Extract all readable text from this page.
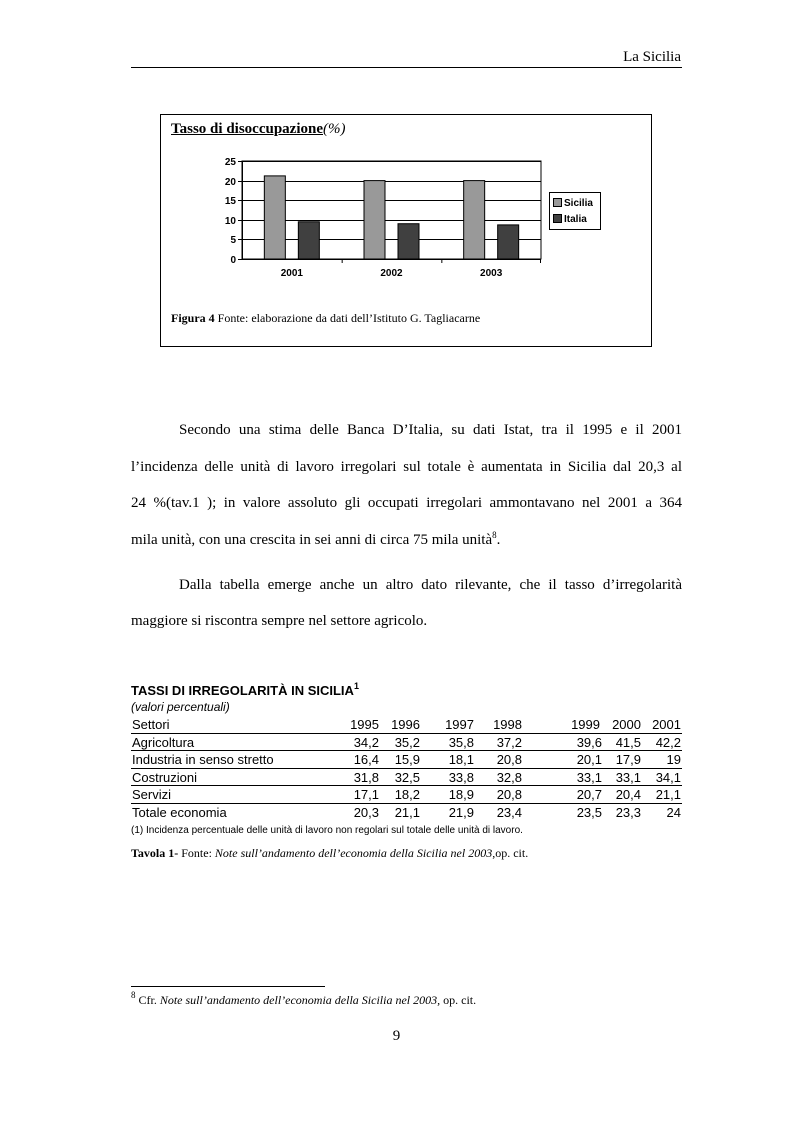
La Sicilia
Tasso di disoccupazione(%)
0
5
10
15
20
25
2001	2002	2003
Sicilia
Italia
Figura 4 Fonte: elaborazione da dati dell’Istituto G. Tagliacarne
Secondo una stima delle Banca D’Italia, su dati Istat, tra il 1995 e il 2001
l’incidenza delle unità di lavoro irregolari sul totale è aumentata in Sicilia dal 20,3 al
24 %(tav.1 ); in valore assoluto gli occupati irregolari ammontavano nel 2001 a 364
mila unità, con una crescita in sei anni di circa 75 mila unità$^8$.
Dalla tabella emerge anche un altro dato rilevante, che il tasso d’irregolarità
maggiore si riscontra sempre nel settore agricolo.
TASSI DI IRREGOLARITÀ IN SICILIA$^1$
(valori percentuali)
Settori	1995 1996 1997 1998	1999 2000 2001
Agricoltura	34,2 35,2 35,8 37,2	39,6 41,5 42,2
Industria in senso stretto	16,4 15,9 18,1 20,8	20,1 17,9 19
Costruzioni	31,8 32,5 33,8 32,8	33,1 33,1 34,1
Servizi	17,1 18,2 18,9 20,8	20,7 20,4 21,1
Totale economia	20,3 21,1 21,9 23,4	23,5 23,3 24
(1) Incidenza percentuale delle unità di lavoro non regolari sul totale delle unità di lavoro.
Tavola 1- Fonte: Note sull’andamento dell’economia della Sicilia nel 2003,op. cit.
$^8$ Cfr. Note sull’andamento dell’economia della Sicilia nel 2003, op. cit.
9
